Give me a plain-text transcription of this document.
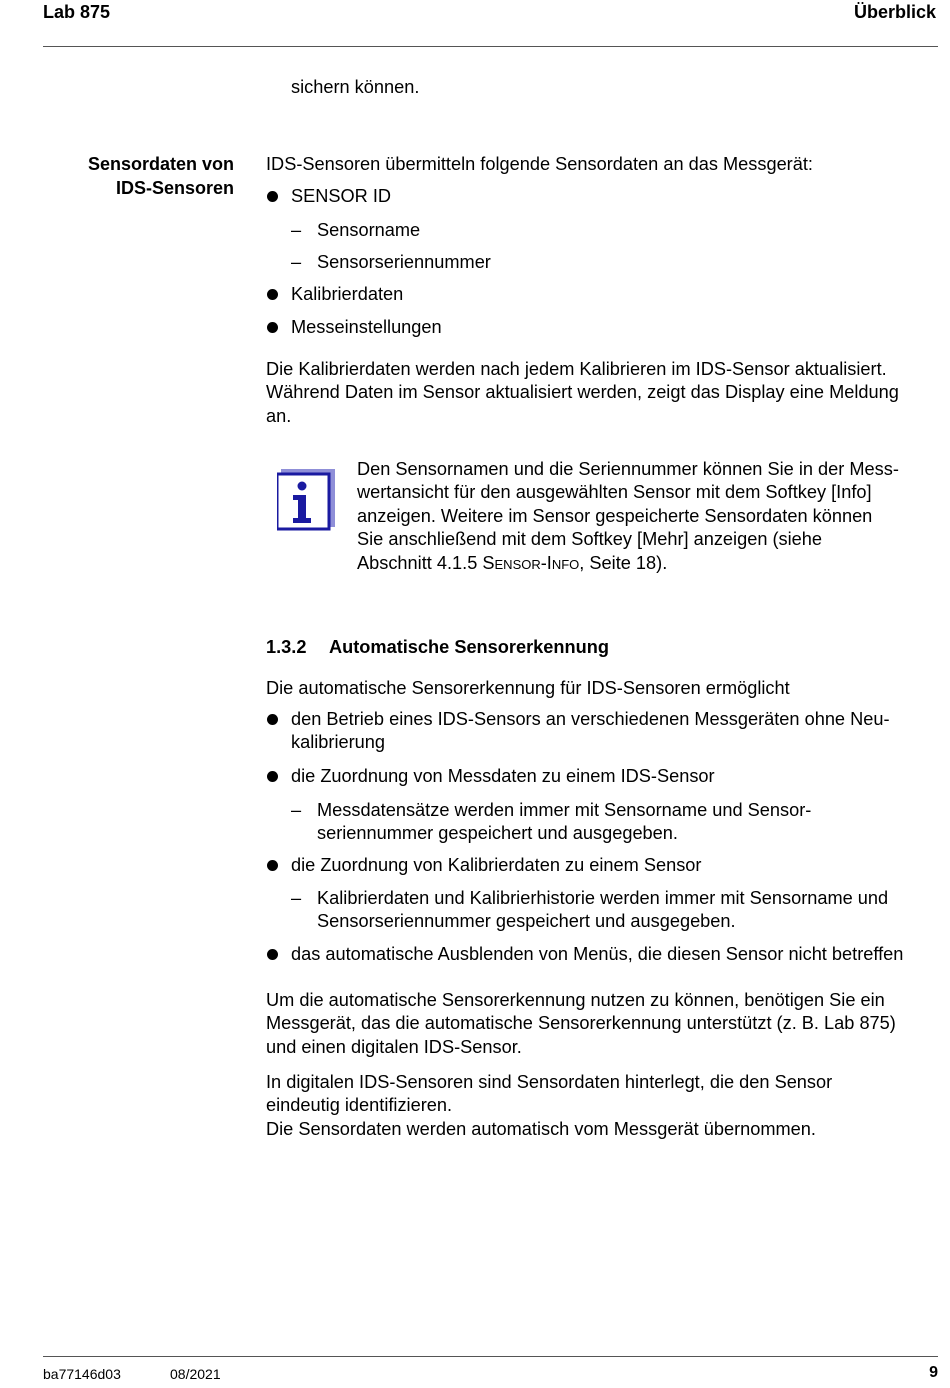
Lab 875	Überblick
sichern können.
Sensordaten von
IDS-Sensoren
IDS-Sensoren übermitteln folgende Sensordaten an das Messgerät:
SENSOR ID
– Sensorname
– Sensorseriennummer
Kalibrierdaten
Messeinstellungen
Die Kalibrierdaten werden nach jedem Kalibrieren im IDS-Sensor aktualisiert.
Während Daten im Sensor aktualisiert werden, zeigt das Display eine Meldung
an.
Den Sensornamen und die Seriennummer können Sie in der Mess-
wertansicht für den ausgewählten Sensor mit dem Softkey [Info]
anzeigen. Weitere im Sensor gespeicherte Sensordaten können
Sie anschließend mit dem Softkey [Mehr] anzeigen (siehe
Abschnitt 4.1.5 Sensor-Info, Seite 18).
1.3.2 Automatische Sensorerkennung
Die automatische Sensorerkennung für IDS-Sensoren ermöglicht
den Betrieb eines IDS-Sensors an verschiedenen Messgeräten ohne Neu-
kalibrierung
die Zuordnung von Messdaten zu einem IDS-Sensor
– Messdatensätze werden immer mit Sensorname und Sensor-
seriennummer gespeichert und ausgegeben.
die Zuordnung von Kalibrierdaten zu einem Sensor
– Kalibrierdaten und Kalibrierhistorie werden immer mit Sensorname und
Sensorseriennummer gespeichert und ausgegeben.
das automatische Ausblenden von Menüs, die diesen Sensor nicht betreffen
Um die automatische Sensorerkennung nutzen zu können, benötigen Sie ein
Messgerät, das die automatische Sensorerkennung unterstützt (z. B. Lab 875)
und einen digitalen IDS-Sensor.
In digitalen IDS-Sensoren sind Sensordaten hinterlegt, die den Sensor
eindeutig identifizieren.
Die Sensordaten werden automatisch vom Messgerät übernommen.
ba77146d03	08/2021	9
